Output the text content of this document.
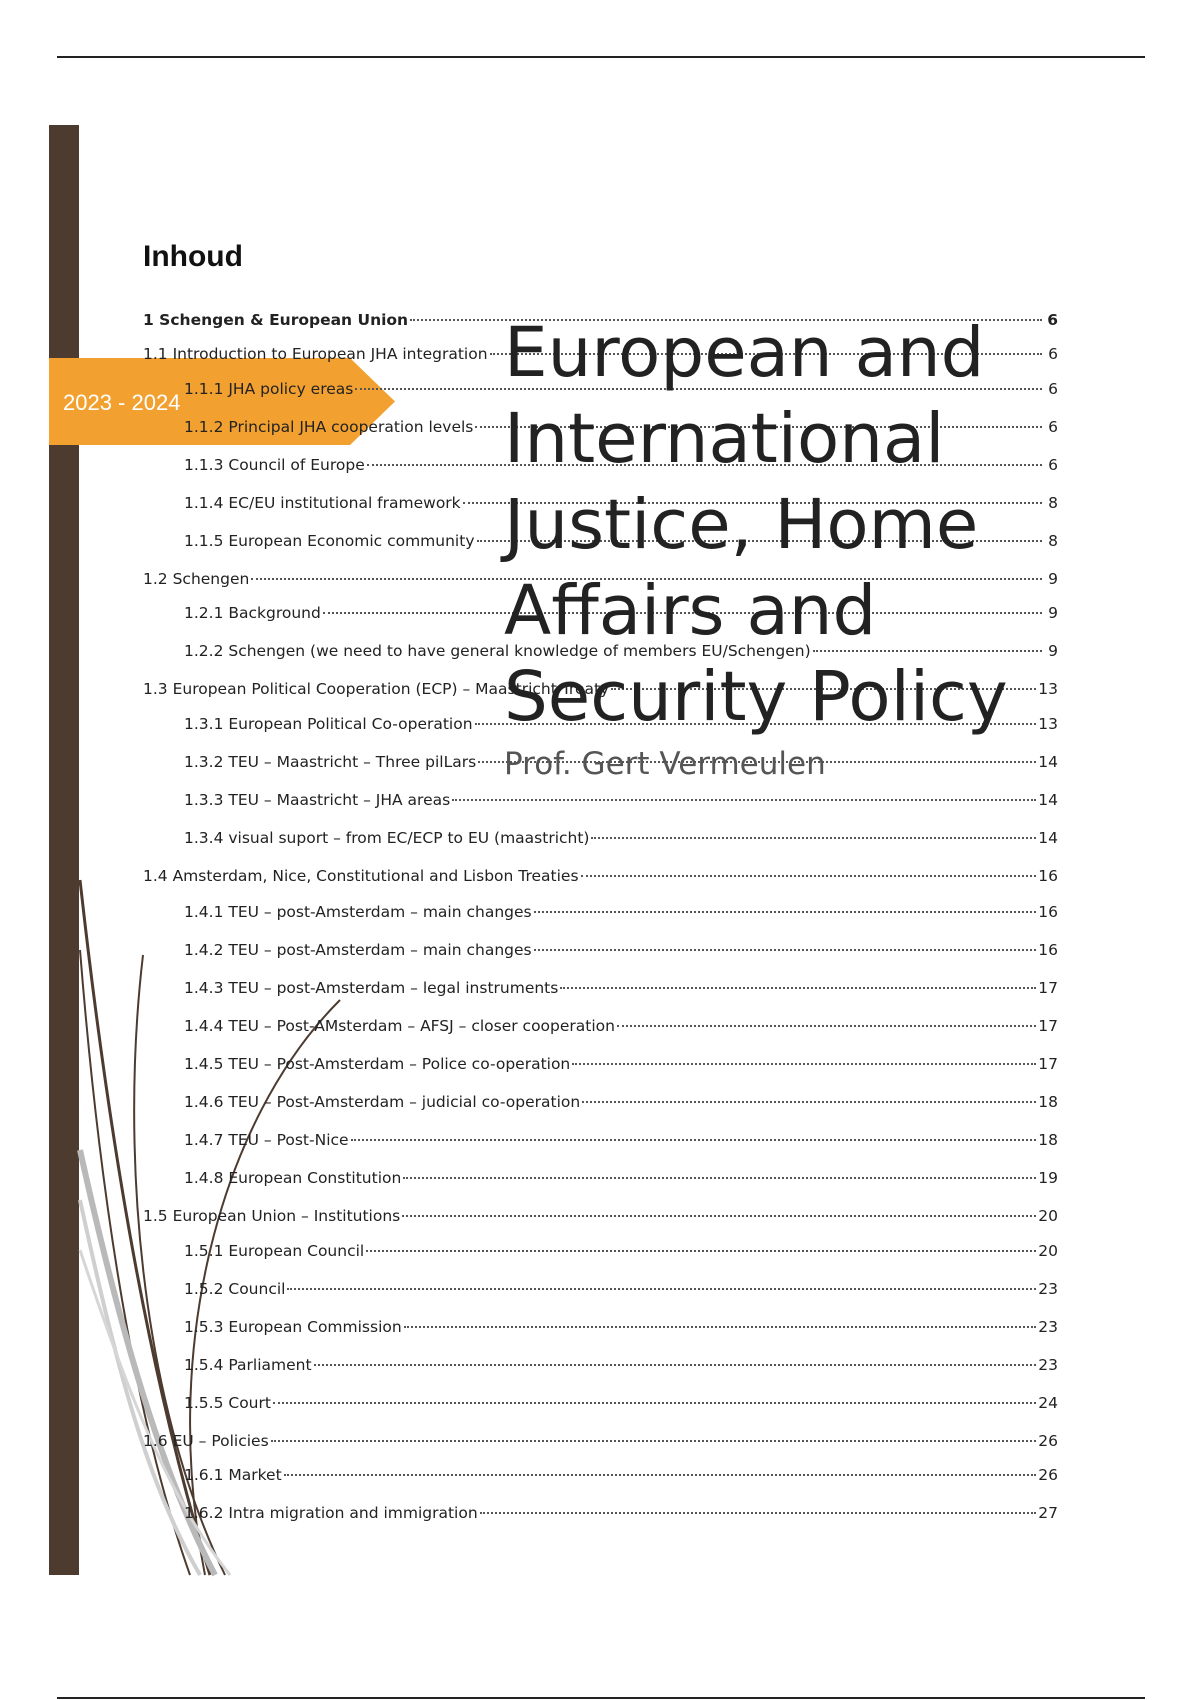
2023 - 2024
Inhoud
1 Schengen & European Union	6
1.1 Introduction to European JHA integration	6
1.1.1 JHA policy ereas	6
1.1.2 Principal JHA cooperation levels	6
1.1.3 Council of Europe	6
1.1.4 EC/EU institutional framework	8
1.1.5 European Economic community	8
1.2 Schengen	9
1.2.1 Background	9
1.2.2 Schengen (we need to have general knowledge of members EU/Schengen)	9
1.3 European Political Cooperation (ECP) – Maastricht Treaty	13
1.3.1 European Political Co-operation	13
1.3.2 TEU – Maastricht – Three pilLars	14
1.3.3 TEU – Maastricht – JHA areas	14
1.3.4 visual suport – from EC/ECP to EU (maastricht)	14
1.4 Amsterdam, Nice, Constitutional and Lisbon Treaties	16
1.4.1 TEU – post-Amsterdam – main changes	16
1.4.2 TEU – post-Amsterdam – main changes	16
1.4.3 TEU – post-Amsterdam – legal instruments	17
1.4.4 TEU – Post-AMsterdam – AFSJ – closer cooperation	17
1.4.5 TEU – Post-Amsterdam – Police co-operation	17
1.4.6 TEU – Post-Amsterdam – judicial co-operation	18
1.4.7 TEU – Post-Nice	18
1.4.8 European Constitution	19
1.5 European Union – Institutions	20
1.5.1 European Council	20
1.5.2 Council	23
1.5.3 European Commission	23
1.5.4 Parliament	23
1.5.5 Court	24
1.6 EU – Policies	26
1.6.1 Market	26
1.6.2 Intra migration and immigration	27
European and International Justice, Home Affairs and Security Policy
Prof. Gert Vermeulen
